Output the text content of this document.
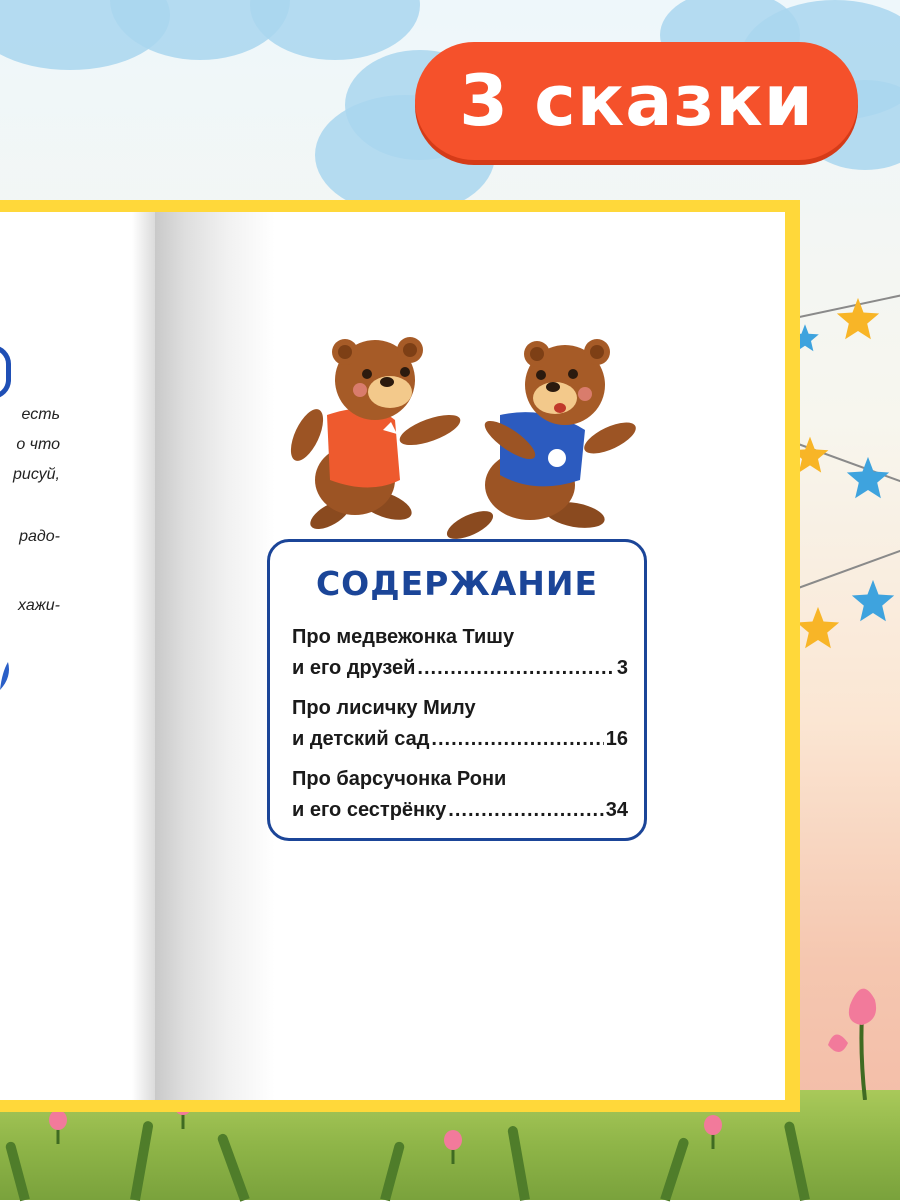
3 сказки
есть
о что
рисуй,
радо-
хажи-
СОДЕРЖАНИЕ
Про медвежонка Тишу
и его друзей .....	3
Про лисичку Милу
и детский сад .....	16
Про барсучонка Рони
и его сестрёнку .....	34
